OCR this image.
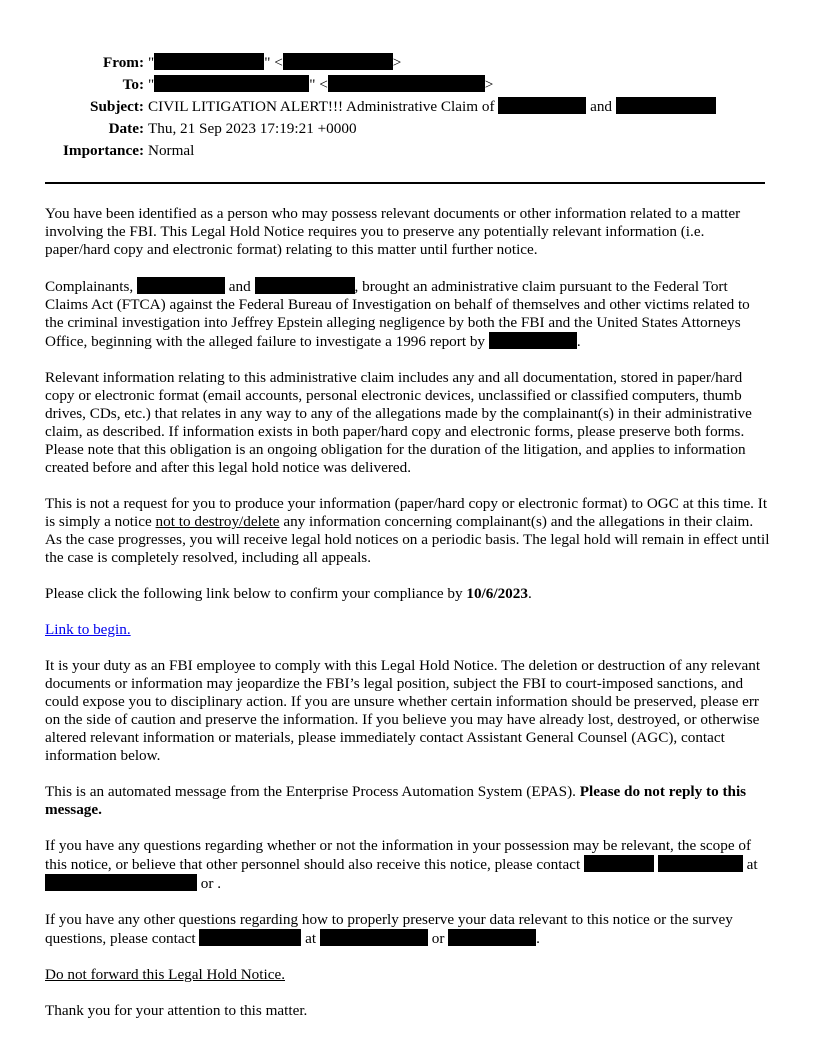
From: "	" <	>
To: "	" <	>
Subject: CIVIL LITIGATION ALERT!!! Administrative Claim of	and
Date: Thu, 21 Sep 2023 17:19:21 +0000
Importance: Normal

You have been identified as a person who may possess relevant documents or other information related to a matter involving the FBI. This Legal Hold Notice requires you to preserve any potentially relevant information (i.e. paper/hard copy and electronic format) relating to this matter until further notice.

Complainants,	and	, brought an administrative claim pursuant to the Federal Tort Claims Act (FTCA) against the Federal Bureau of Investigation on behalf of themselves and other victims related to the criminal investigation into Jeffrey Epstein alleging negligence by both the FBI and the United States Attorneys Office, beginning with the alleged failure to investigate a 1996 report by	.

Relevant information relating to this administrative claim includes any and all documentation, stored in paper/hard copy or electronic format (email accounts, personal electronic devices, unclassified or classified computers, thumb drives, CDs, etc.) that relates in any way to any of the allegations made by the complainant(s) in their administrative claim, as described. If information exists in both paper/hard copy and electronic forms, please preserve both forms. Please note that this obligation is an ongoing obligation for the duration of the litigation, and applies to information created before and after this legal hold notice was delivered.

This is not a request for you to produce your information (paper/hard copy or electronic format) to OGC at this time. It is simply a notice not to destroy/delete any information concerning complainant(s) and the allegations in their claim. As the case progresses, you will receive legal hold notices on a periodic basis. The legal hold will remain in effect until the case is completely resolved, including all appeals.

Please click the following link below to confirm your compliance by 10/6/2023.

Link to begin.

It is your duty as an FBI employee to comply with this Legal Hold Notice. The deletion or destruction of any relevant documents or information may jeopardize the FBI’s legal position, subject the FBI to court-imposed sanctions, and could expose you to disciplinary action. If you are unsure whether certain information should be preserved, please err on the side of caution and preserve the information. If you believe you may have already lost, destroyed, or otherwise altered relevant information or materials, please immediately contact Assistant General Counsel (AGC), contact information below.

This is an automated message from the Enterprise Process Automation System (EPAS). Please do not reply to this message.

If you have any questions regarding whether or not the information in your possession may be relevant, the scope of this notice, or believe that other personnel should also receive this notice, please contact	at  or .

If you have any other questions regarding how to properly preserve your data relevant to this notice or the survey questions, please contact	at	or	.

Do not forward this Legal Hold Notice.

Thank you for your attention to this matter.
